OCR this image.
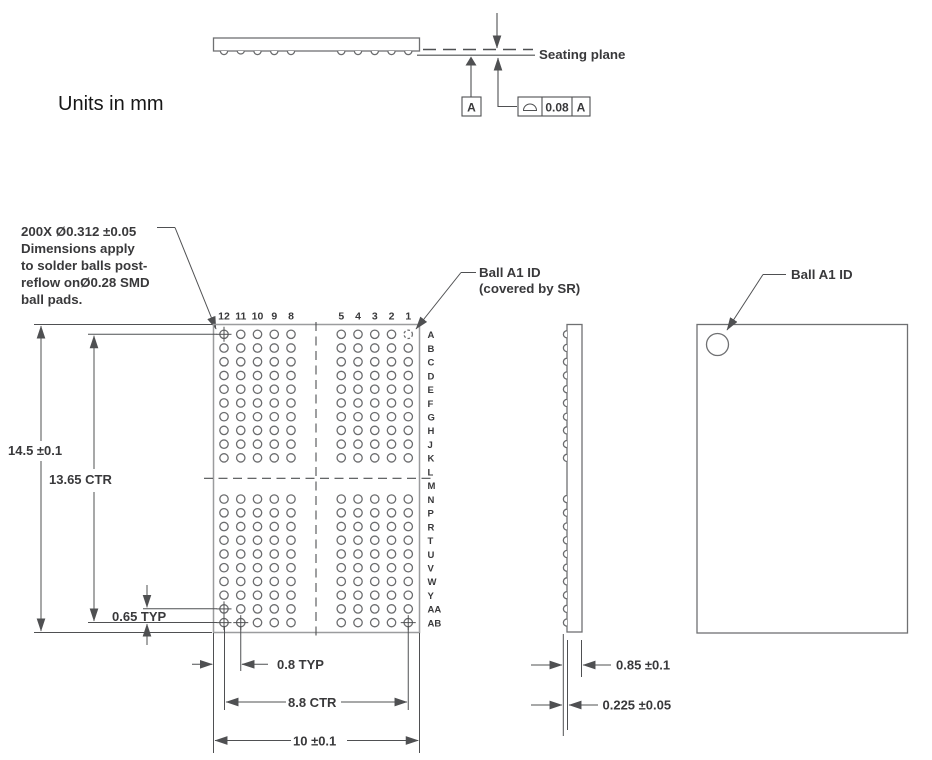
A	0.08 A
Seating plane
Units in mm
200X Ø0.312 ±0.05
Dimensions apply
to solder balls post-
reflow onØ0.28 SMD
ball pads.
12 11 10 9 8	5 4 3 2 1
A
B
C
D
E
F
G
H
J
K
L
M
N
P
R
T
U
V
W
Y
AA
AB
14.5 ±0.1
13.65 CTR
0.65 TYP
0.8 TYP
8.8 CTR
10 ±0.1
Ball A1 ID
(covered by SR)
0.85 ±0.1
0.225 ±0.05
Ball A1 ID
